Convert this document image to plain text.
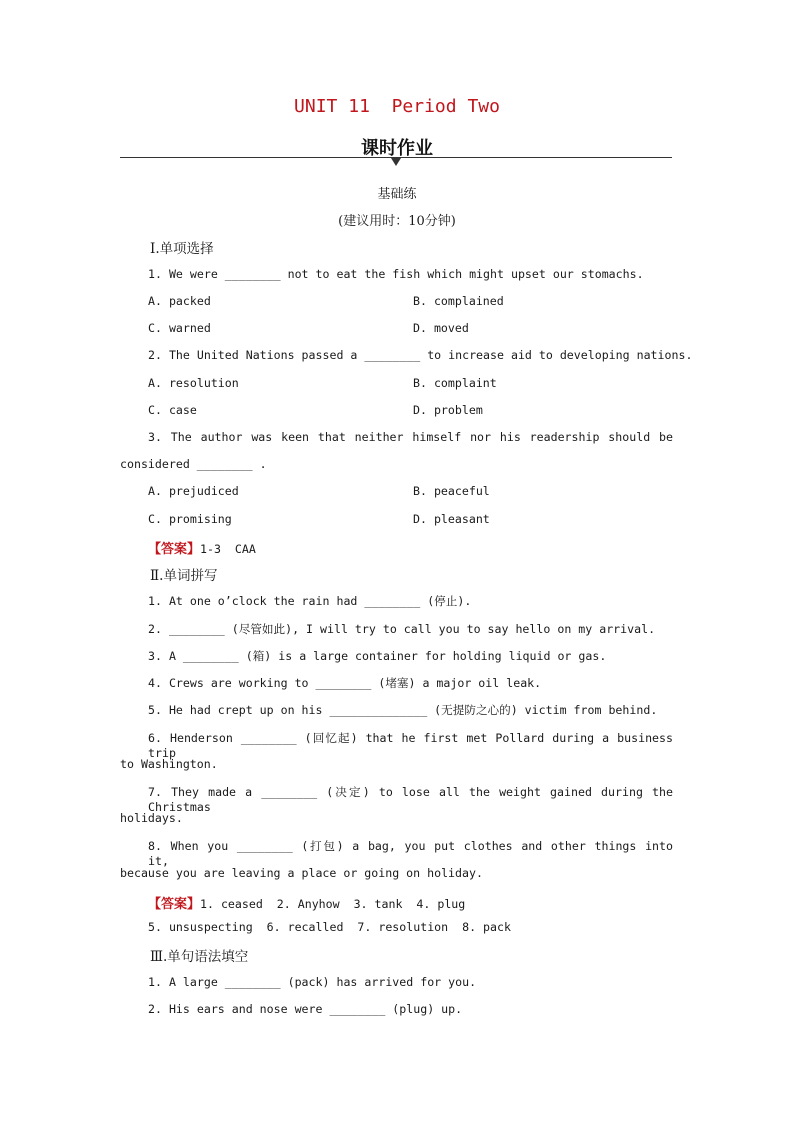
UNIT 11  Period Two
课时作业
基础练
(建议用时：10分钟)
Ⅰ.单项选择
1. We were ________ not to eat the fish which might upset our stomachs.
A. packed	B. complained
C. warned	D. moved
2. The United Nations passed a ________ to increase aid to developing nations.
A. resolution	B. complaint
C. case	D. problem
3. The author was keen that neither himself nor his readership should be
considered ________ .
A. prejudiced	B. peaceful
C. promising	D. pleasant
【答案】1-3  CAA
Ⅱ.单词拼写
1. At one o’clock the rain had ________ (停止).
2. ________ (尽管如此), I will try to call you to say hello on my arrival.
3. A ________ (箱) is a large container for holding liquid or gas.
4. Crews are working to ________ (堵塞) a major oil leak.
5. He had crept up on his ______________ (无提防之心的) victim from behind.
6. Henderson ________ (回忆起) that he first met Pollard during a business trip
to Washington.
7. They made a ________ (决定) to lose all the weight gained during the Christmas
holidays.
8. When you ________ (打包) a bag, you put clothes and other things into it,
because you are leaving a place or going on holiday.
【答案】1. ceased  2. Anyhow  3. tank  4. plug
5. unsuspecting  6. recalled  7. resolution  8. pack
Ⅲ.单句语法填空
1. A large ________ (pack) has arrived for you.
2. His ears and nose were ________ (plug) up.
